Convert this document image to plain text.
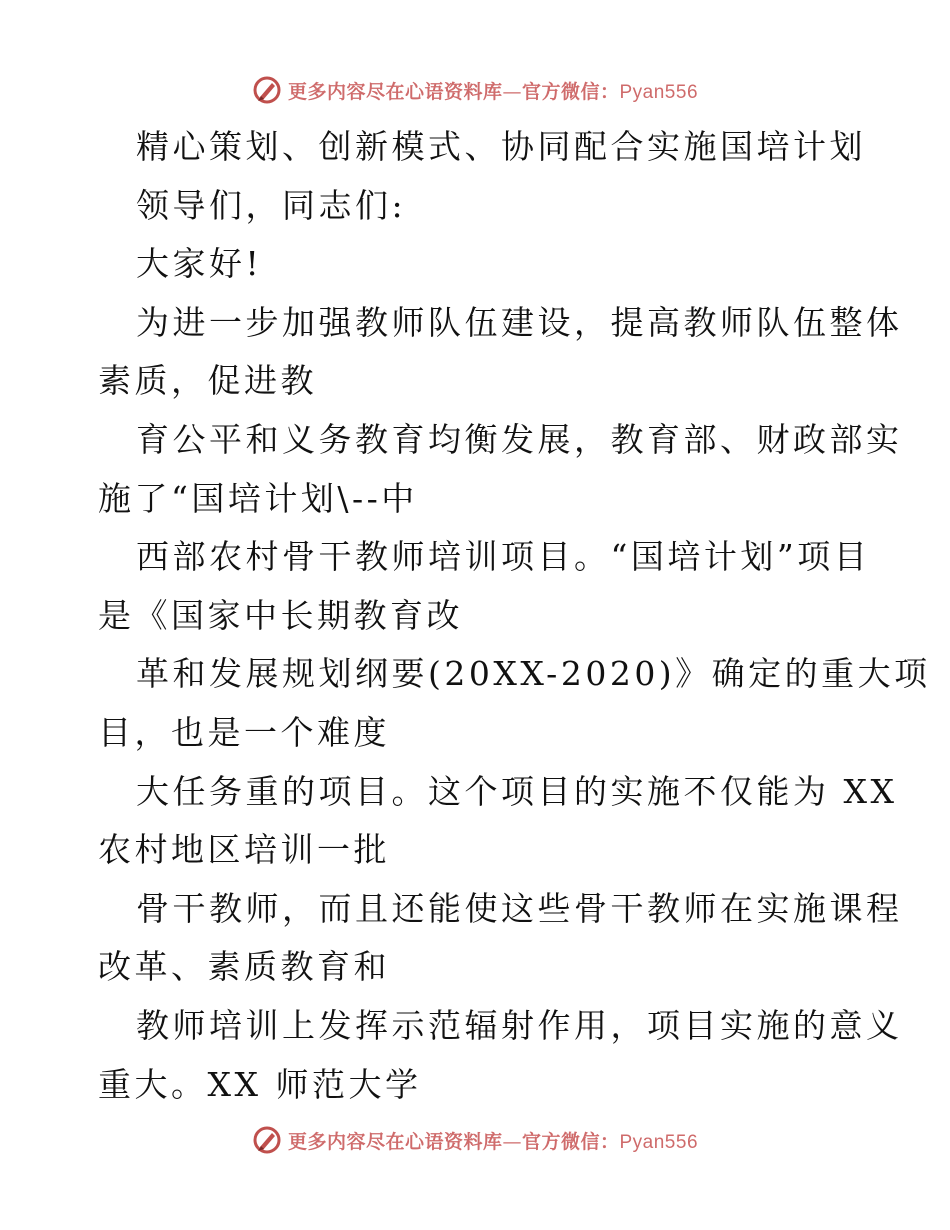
更多内容尽在心语资料库—官方微信：Pyan556
精心策划、创新模式、协同配合实施国培计划
领导们，同志们:
大家好!
为进一步加强教师队伍建设，提高教师队伍整体
素质，促进教
育公平和义务教育均衡发展，教育部、财政部实
施了“国培计划\--中
西部农村骨干教师培训项目。“国培计划”项目
是《国家中长期教育改
革和发展规划纲要(20XX-2020)》确定的重大项
目，也是一个难度
大任务重的项目。这个项目的实施不仅能为 XX
农村地区培训一批
骨干教师，而且还能使这些骨干教师在实施课程
改革、素质教育和
教师培训上发挥示范辐射作用，项目实施的意义
重大。XX 师范大学
更多内容尽在心语资料库—官方微信：Pyan556
